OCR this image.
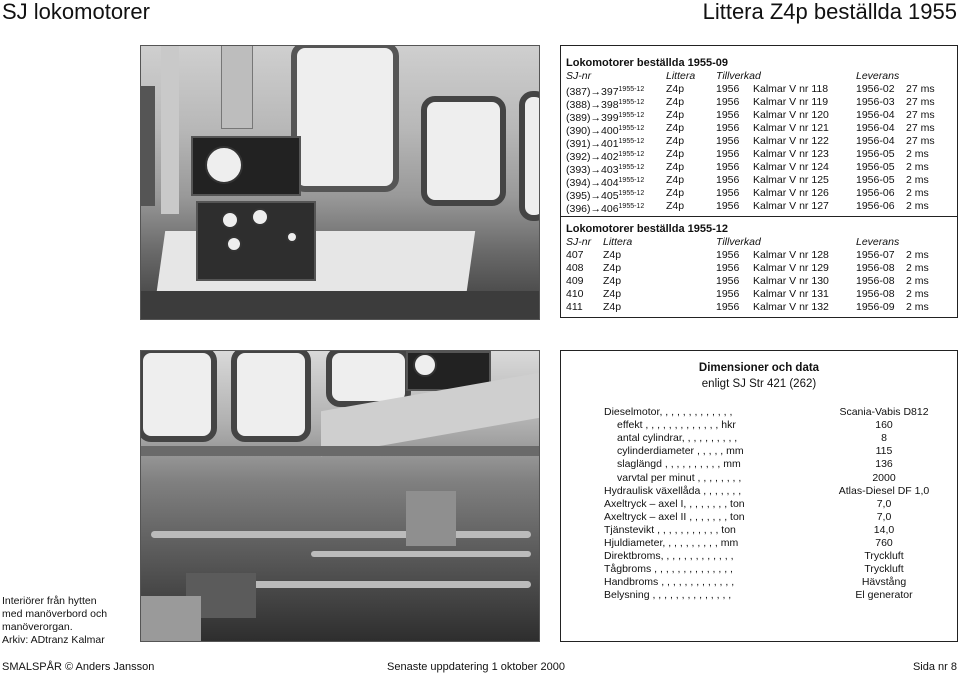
SJ lokomotorer	Littera Z4p beställda 1955
Lokomotorer beställda 1955-09
SJ-nr	Littera Tillverkad	Leverans
$(387)\to 397^{1955-12}$ Z4p	1956 Kalmar V nr 118	1956-02 27 ms
$(388)\to 398^{1955-12}$ Z4p	1956 Kalmar V nr 119	1956-03 27 ms
$(389)\to 399^{1955-12}$ Z4p	1956 Kalmar V nr 120	1956-04 27 ms
$(390)\to 400^{1955-12}$ Z4p	1956 Kalmar V nr 121	1956-04 27 ms
$(391)\to 401^{1955-12}$ Z4p	1956 Kalmar V nr 122	1956-04 27 ms
$(392)\to 402^{1955-12}$ Z4p	1956 Kalmar V nr 123	1956-05 2 ms
$(393)\to 403^{1955-12}$ Z4p	1956 Kalmar V nr 124	1956-05 2 ms
$(394)\to 404^{1955-12}$ Z4p	1956 Kalmar V nr 125	1956-05 2 ms
$(395)\to 405^{1955-12}$ Z4p	1956 Kalmar V nr 126	1956-06 2 ms
$(396)\to 406^{1955-12}$ Z4p	1956 Kalmar V nr 127	1956-06 2 ms
Lokomotorer beställda 1955-12
SJ-nr Littera	Tillverkad	Leverans
407 Z4p	1956 Kalmar V nr 128	1956-07 2 ms
408 Z4p	1956 Kalmar V nr 129	1956-08 2 ms
409 Z4p	1956 Kalmar V nr 130	1956-08 2 ms
410 Z4p	1956 Kalmar V nr 131	1956-08 2 ms
411 Z4p	1956 Kalmar V nr 132	1956-09 2 ms
Dimensioner och data
enligt SJ Str 421 (262)
Dieselmotor, , , , , , , , , , , , ,	Scania-Vabis D812
effekt , , , , , , , , , , , , , hkr	160
antal cylindrar, , , , , , , , , ,	8
cylinderdiameter , , , , , mm	115
slaglängd , , , , , , , , , , mm	136
varvtal per minut , , , , , , , ,	2000
Hydraulisk växellåda , , , , , , ,	Atlas-Diesel DF 1,0
Axeltryck – axel I, , , , , , , , ton	7,0
Axeltryck – axel II , , , , , , , ton	7,0
Tjänstevikt , , , , , , , , , , , ton	14,0
Hjuldiameter, , , , , , , , , , mm	760
Direktbroms, , , , , , , , , , , , ,	Tryckluft
Tågbroms , , , , , , , , , , , , , ,	Tryckluft
Handbroms , , , , , , , , , , , , ,	Hävstång
Belysning , , , , , , , , , , , , , ,	El generator
Interiörer från hytten
med manöverbord och
manöverorgan.
Arkiv: ADtranz Kalmar
SMALSPÅR © Anders Jansson	Senaste uppdatering 1 oktober 2000	Sida nr 8
